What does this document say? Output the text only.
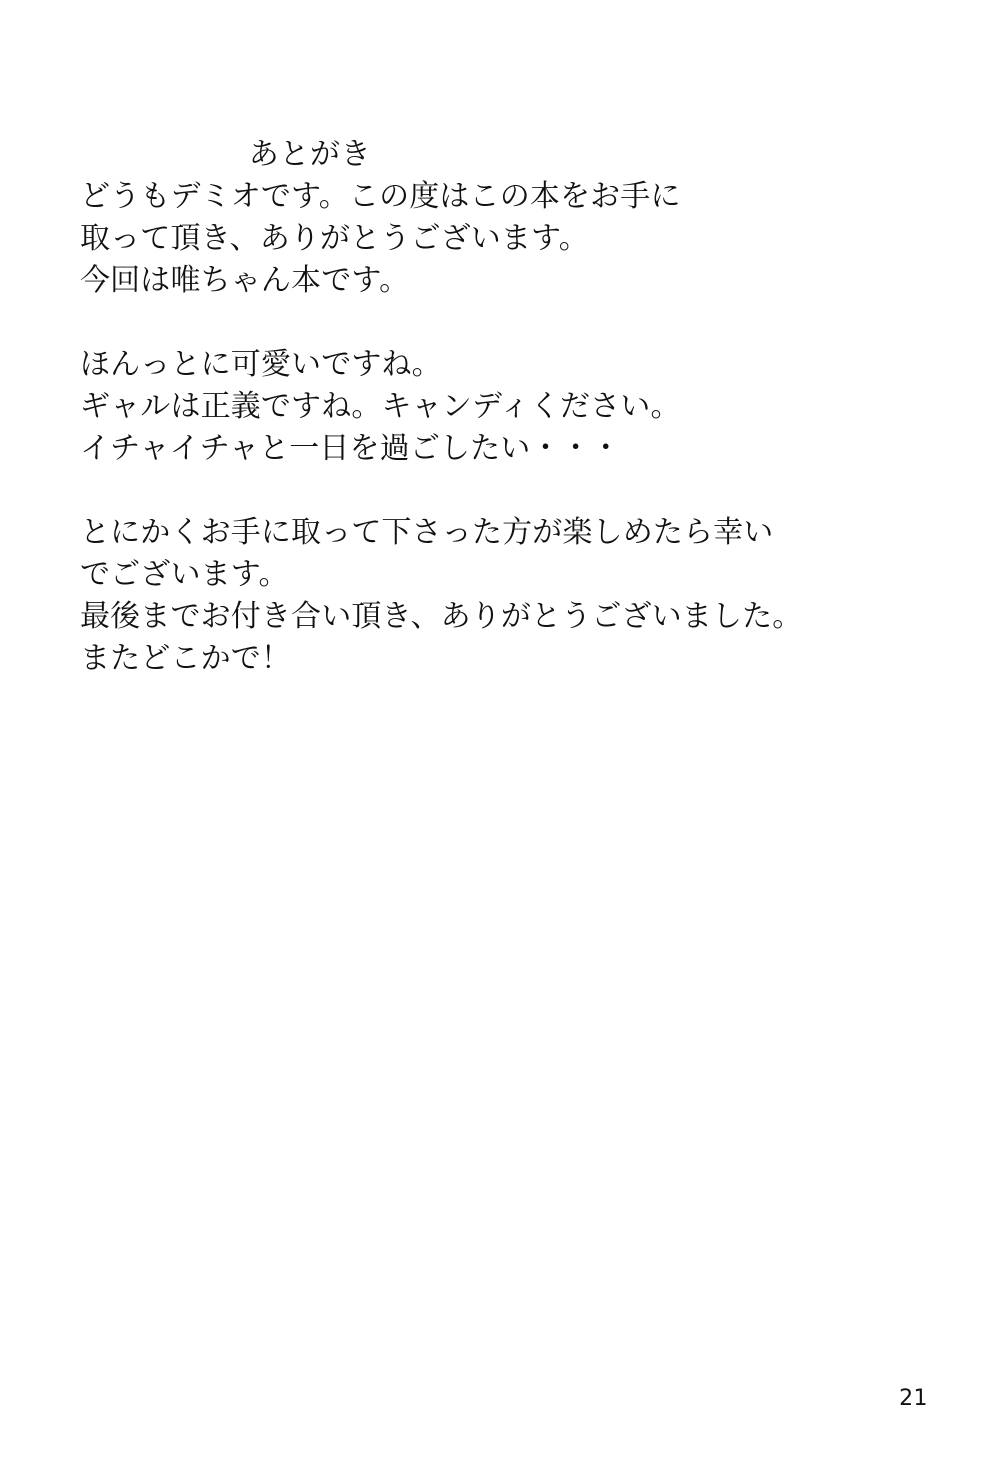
あとがき
どうもデミオです。この度はこの本をお手に
取って頂き、ありがとうございます。
今回は唯ちゃん本です。
ほんっとに可愛いですね。
ギャルは正義ですね。キャンディください。
イチャイチャと一日を過ごしたい・・・
とにかくお手に取って下さった方が楽しめたら幸い
でございます。
最後までお付き合い頂き、ありがとうございました。
またどこかで！
21
